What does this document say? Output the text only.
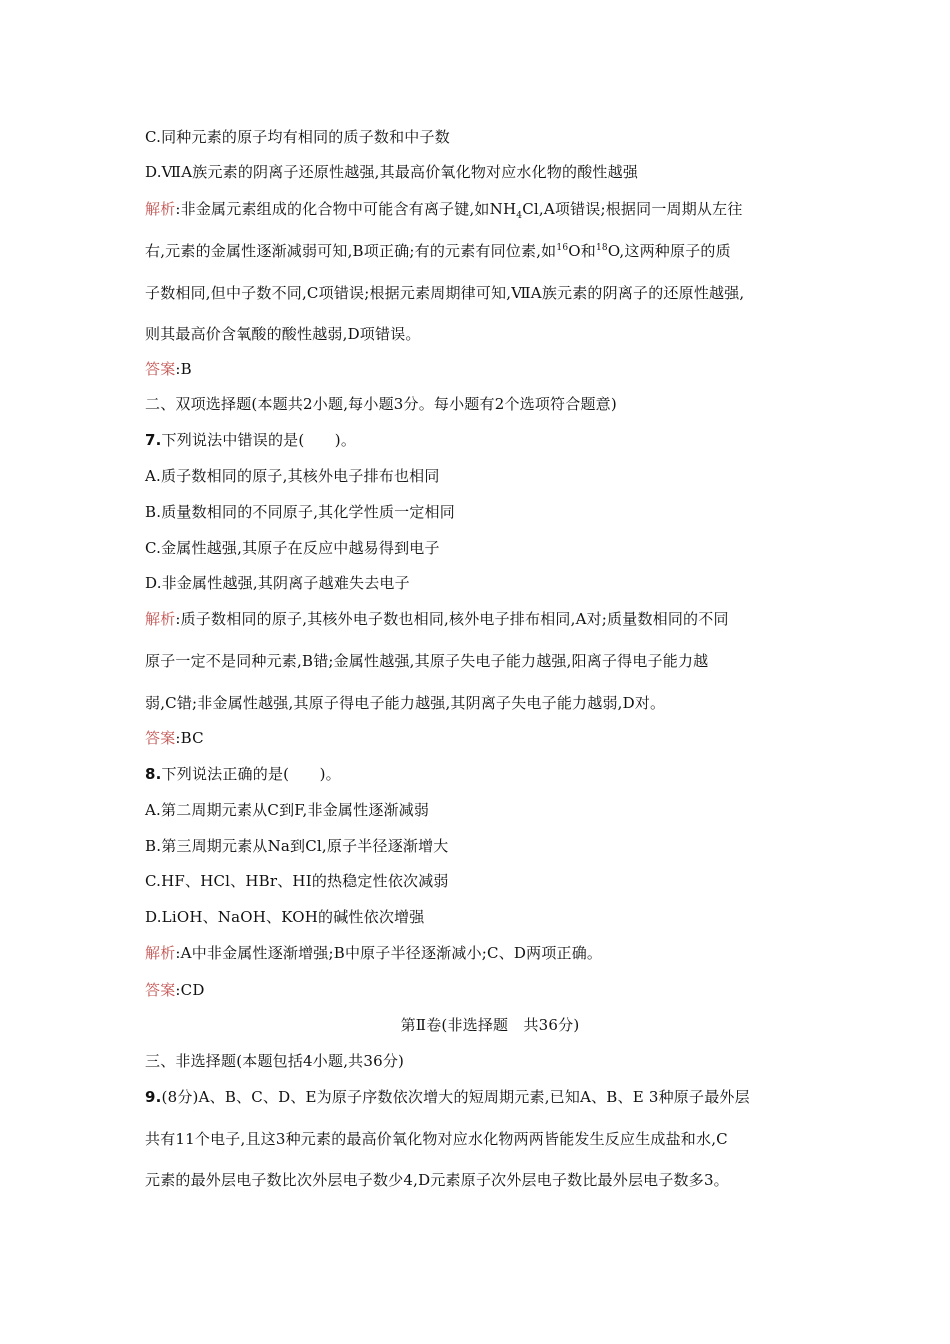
C.同种元素的原子均有相同的质子数和中子数
D.ⅦA族元素的阴离子还原性越强,其最高价氧化物对应水化物的酸性越强
解析:非金属元素组成的化合物中可能含有离子键,如$NH_4Cl,A$项错误;根据同一周期从左往
右,元素的金属性逐渐减弱可知,B项正确;有的元素有同位素,如$^{16}$O和$^{18}$O,这两种原子的质
子数相同,但中子数不同,C项错误;根据元素周期律可知,ⅦA族元素的阴离子的还原性越强,
则其最高价含氧酸的酸性越弱,D项错误。
答案:B
二、双项选择题(本题共2小题,每小题3分。每小题有2个选项符合题意)
7.下列说法中错误的是(　　)。
A.质子数相同的原子,其核外电子排布也相同
B.质量数相同的不同原子,其化学性质一定相同
C.金属性越强,其原子在反应中越易得到电子
D.非金属性越强,其阴离子越难失去电子
解析:质子数相同的原子,其核外电子数也相同,核外电子排布相同,A对;质量数相同的不同
原子一定不是同种元素,B错;金属性越强,其原子失电子能力越强,阳离子得电子能力越
弱,C错;非金属性越强,其原子得电子能力越强,其阴离子失电子能力越弱,D对。
答案:BC
8.下列说法正确的是(　　)。
A.第二周期元素从C到F,非金属性逐渐减弱
B.第三周期元素从Na到Cl,原子半径逐渐增大
C.HF、HCl、HBr、HI的热稳定性依次减弱
D.LiOH、NaOH、KOH的碱性依次增强
解析:A中非金属性逐渐增强;B中原子半径逐渐减小;C、D两项正确。
答案:CD
第Ⅱ卷(非选择题　共36分)
三、非选择题(本题包括4小题,共36分)
9.(8分)A、B、C、D、E为原子序数依次增大的短周期元素,已知A、B、E 3种原子最外层
共有11个电子,且这3种元素的最高价氧化物对应水化物两两皆能发生反应生成盐和水,C
元素的最外层电子数比次外层电子数少4,D元素原子次外层电子数比最外层电子数多3。
